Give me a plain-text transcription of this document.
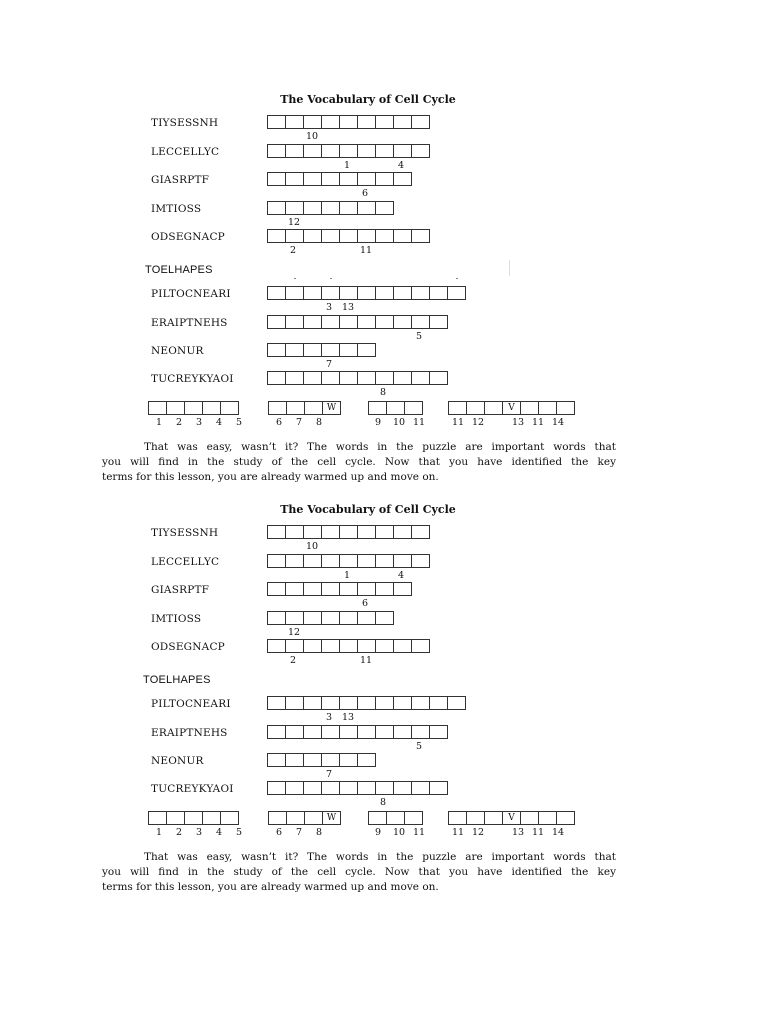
The Vocabulary of Cell Cycle
TIYSESSNH
10
LECCELLYC
1	4
GIASRPTF
6
IMTIOSS
12
ODSEGNACP
2	11
TOELHAPES
PILTOCNEARI
3 13
ERAIPTNEHS
5
NEONUR
7
TUCREYKYAOI
8
1 2 3 4 5
W
6 7 8	9 10 11
V
11 12	13 11 14

That was easy, wasn’t it? The words in the puzzle are important words that

you will find in the study of the cell cycle. Now that you have identified the key

terms for this lesson, you are already warmed up and move on.

The Vocabulary of Cell Cycle
TIYSESSNH
10
LECCELLYC
1	4
GIASRPTF
6
IMTIOSS
12
ODSEGNACP
2	11
TOELHAPES
PILTOCNEARI
3 13
ERAIPTNEHS
5
NEONUR
7
TUCREYKYAOI
8
1 2 3 4 5
W
6 7 8	9 10 11
V
11 12	13 11 14

That was easy, wasn’t it? The words in the puzzle are important words that

you will find in the study of the cell cycle. Now that you have identified the key

terms for this lesson, you are already warmed up and move on.
